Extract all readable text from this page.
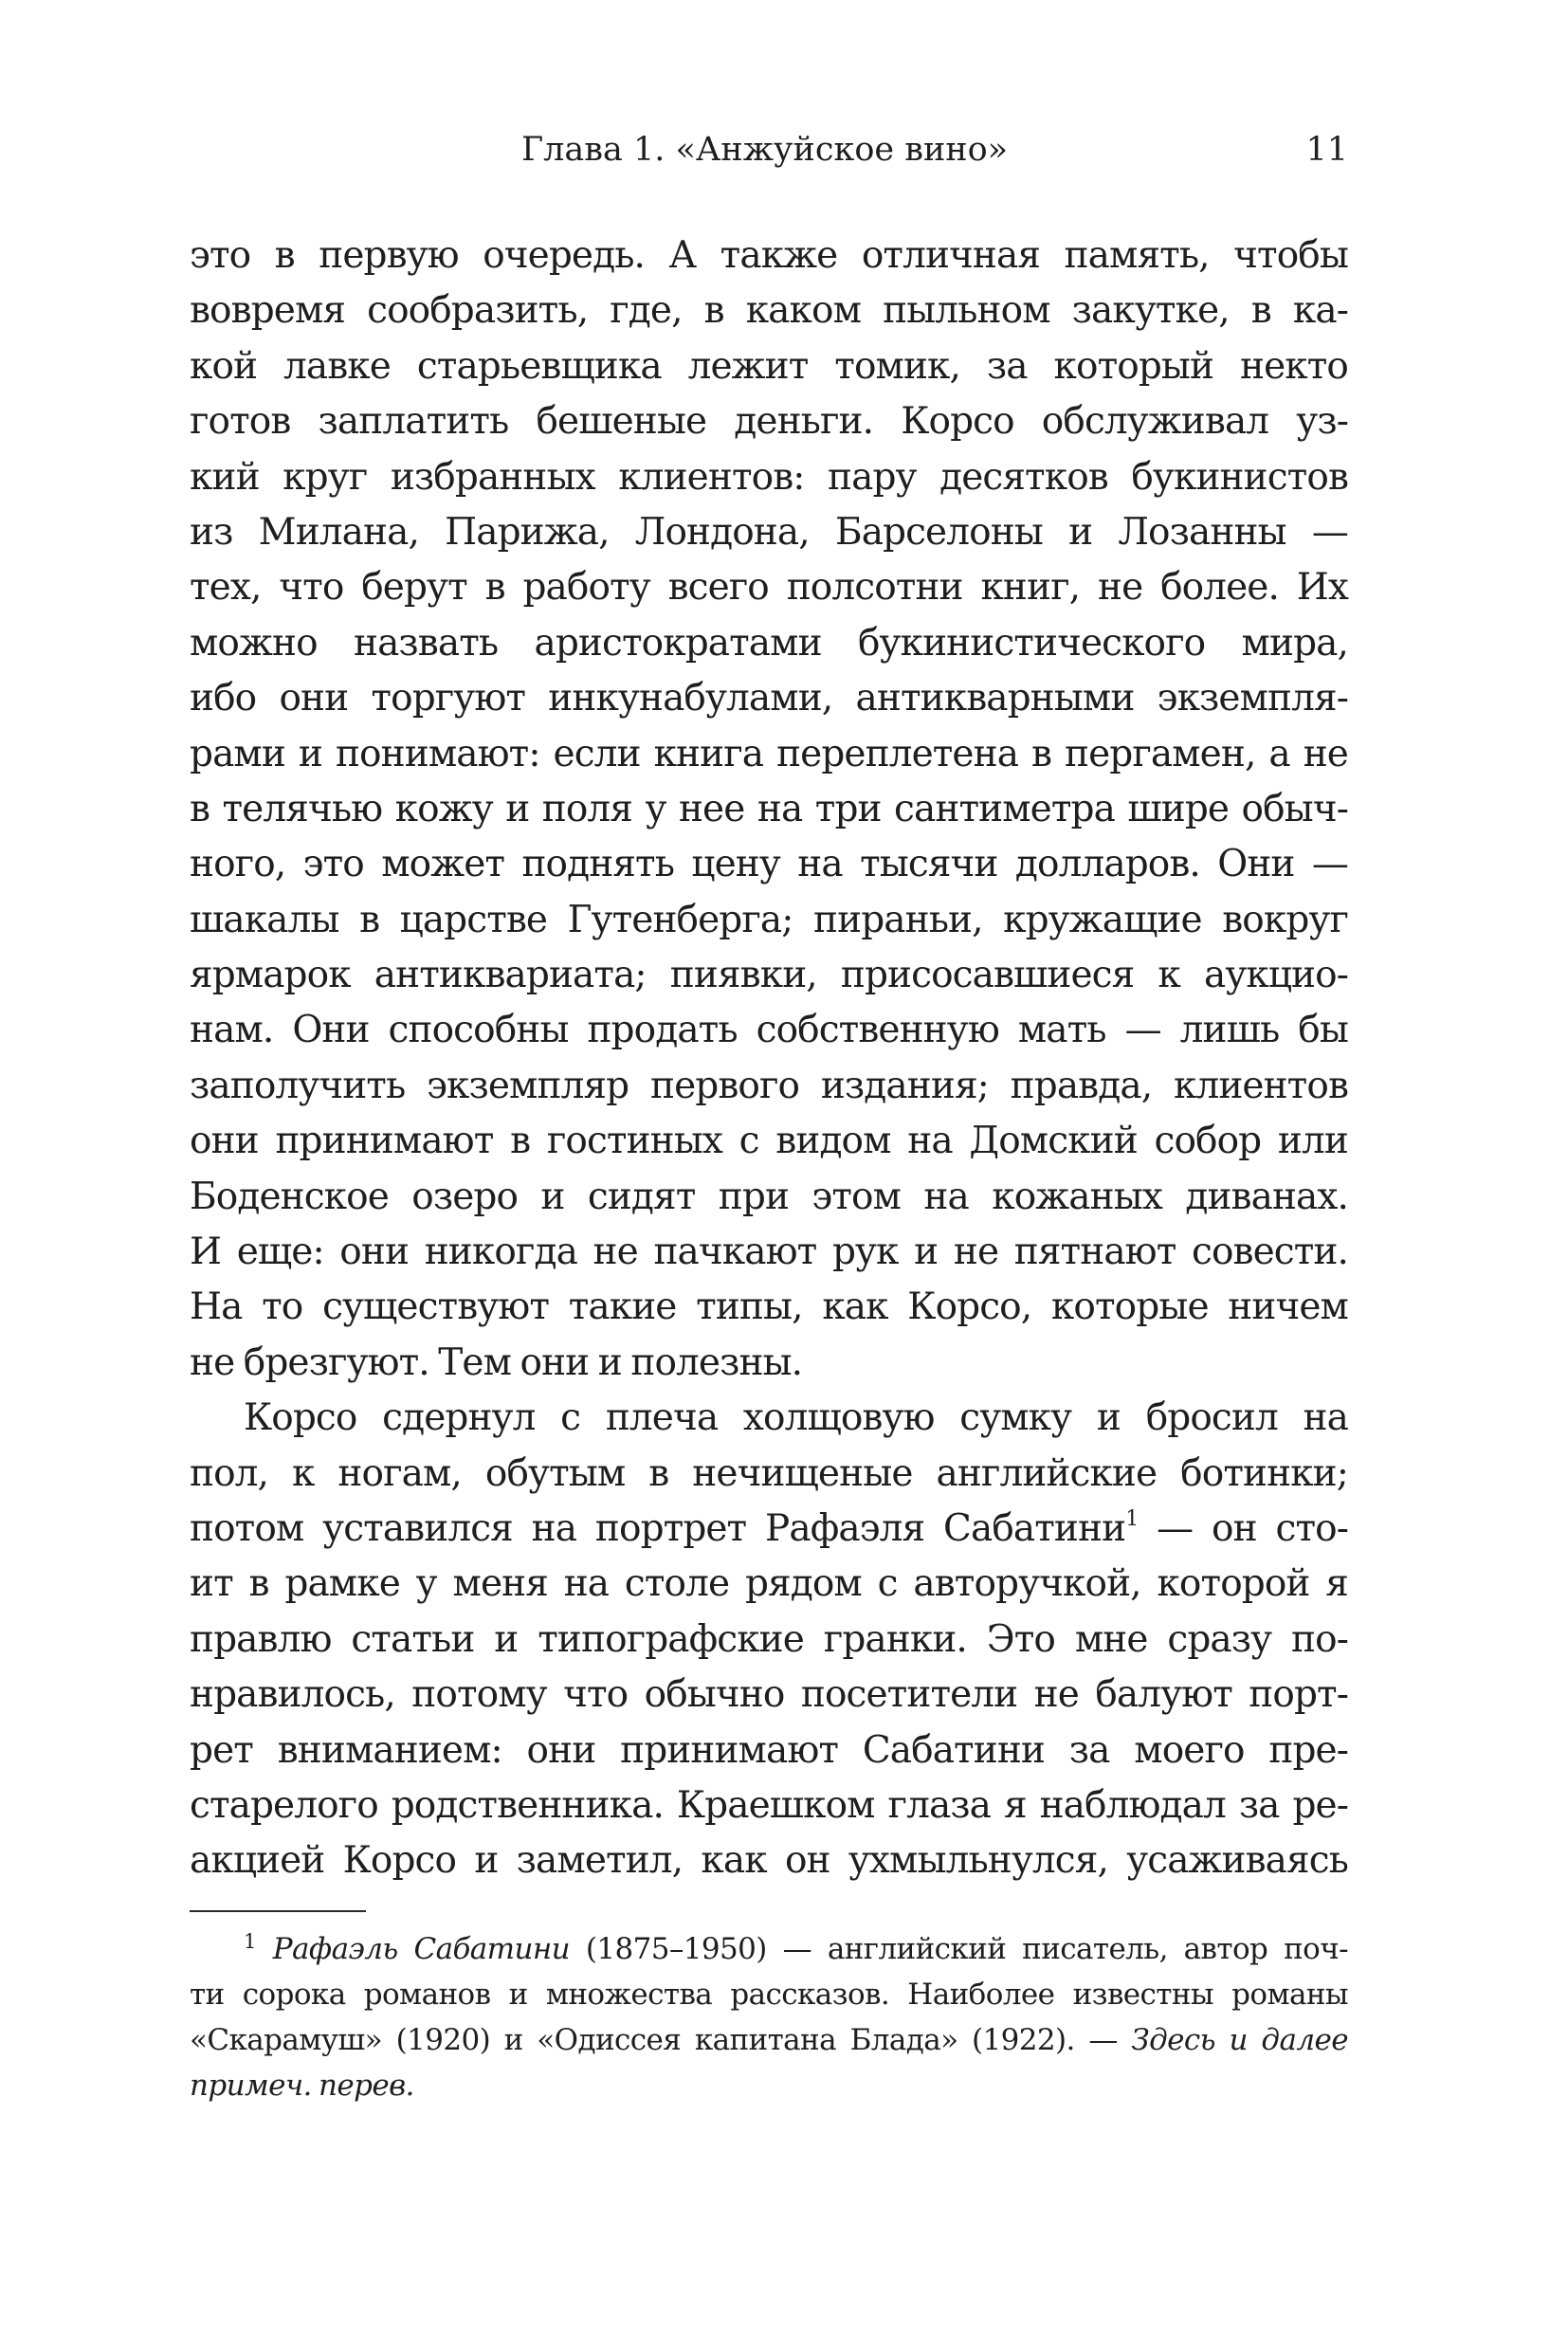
Глава 1. «Анжуйское вино»	11
это в первую очередь. А также отличная память, чтобы
вовремя сообразить, где, в каком пыльном закутке, в ка-
кой лавке старьевщика лежит томик, за который некто
готов заплатить бешеные деньги. Корсо обслуживал уз-
кий круг избранных клиентов: пару десятков букинистов
из Милана, Парижа, Лондона, Барселоны и Лозанны —
тех, что берут в работу всего полсотни книг, не более. Их
можно назвать аристократами букинистического мира,
ибо они торгуют инкунабулами, антикварными экземпля-
рами и понимают: если книга переплетена в пергамен, а не
в телячью кожу и поля у нее на три сантиметра шире обыч-
ного, это может поднять цену на тысячи долларов. Они —
шакалы в царстве Гутенберга; пираньи, кружащие вокруг
ярмарок антиквариата; пиявки, присосавшиеся к аукцио-
нам. Они способны продать собственную мать — лишь бы
заполучить экземпляр первого издания; правда, клиентов
они принимают в гостиных с видом на Домский собор или
Боденское озеро и сидят при этом на кожаных диванах.
И еще: они никогда не пачкают рук и не пятнают совести.
На то существуют такие типы, как Корсо, которые ничем
не брезгуют. Тем они и полезны.
Корсо сдернул с плеча холщовую сумку и бросил на
пол, к ногам, обутым в нечищеные английские ботинки;
потом уставился на портрет Рафаэля Сабатини$^1$ — он сто-
ит в рамке у меня на столе рядом с авторучкой, которой я
правлю статьи и типографские гранки. Это мне сразу по-
нравилось, потому что обычно посетители не балуют порт-
рет вниманием: они принимают Сабатини за моего пре-
старелого родственника. Краешком глаза я наблюдал за ре-
акцией Корсо и заметил, как он ухмыльнулся, усаживаясь
$^1$ Рафаэль Сабатини (1875–1950) — английский писатель, автор поч-
ти сорока романов и множества рассказов. Наиболее известны романы
«Скарамуш» (1920) и «Одиссея капитана Блада» (1922). — Здесь и далее
примеч. перев.
